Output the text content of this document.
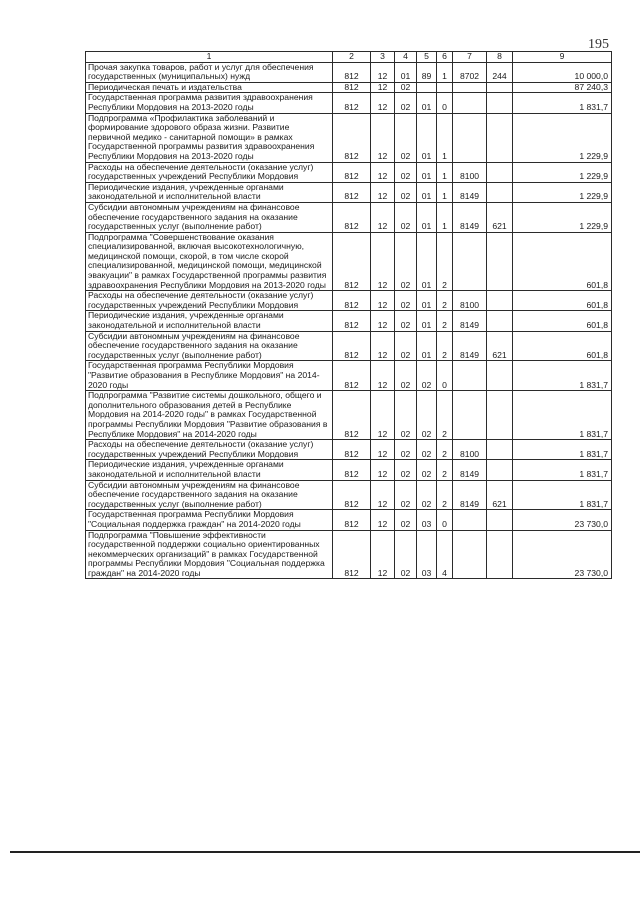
195
1	2	3	4	5	6	7	8	9
Прочая закупка товаров, работ и услуг для обеспечения государственных (муниципальных) нужд	812	12	01	89	1	8702	244	10 000,0
Периодическая печать и издательства	812	12	02					87 240,3
Государственная программа развития здравоохранения Республики Мордовия на 2013-2020 годы	812	12	02	01	0			1 831,7
Подпрограмма «Профилактика заболеваний и формирование здорового образа жизни. Развитие первичной медико - санитарной помощи» в рамках Государственной программы развития здравоохранения Республики Мордовия на 2013-2020 годы	812	12	02	01	1			1 229,9
Расходы на обеспечение деятельности (оказание услуг) государственных учреждений Республики Мордовия	812	12	02	01	1	8100		1 229,9
Периодические издания, учрежденные органами законодательной и исполнительной власти	812	12	02	01	1	8149		1 229,9
Субсидии автономным учреждениям на финансовое обеспечение государственного задания на оказание государственных услуг (выполнение работ)	812	12	02	01	1	8149	621	1 229,9
Подпрограмма "Совершенствование оказания специализированной, включая высокотехнологичную, медицинской помощи, скорой, в том числе скорой специализированной, медицинской помощи, медицинской эвакуации" в рамках Государственной программы развития здравоохранения Республики Мордовия на 2013-2020 годы	812	12	02	01	2			601,8
Расходы на обеспечение деятельности (оказание услуг) государственных учреждений Республики Мордовия	812	12	02	01	2	8100		601,8
Периодические издания, учрежденные органами законодательной и исполнительной власти	812	12	02	01	2	8149		601,8
Субсидии автономным учреждениям на финансовое обеспечение государственного задания на оказание государственных услуг (выполнение работ)	812	12	02	01	2	8149	621	601,8
Государственная программа Республики Мордовия "Развитие образования в Республике Мордовия" на 2014-2020 годы	812	12	02	02	0			1 831,7
Подпрограмма "Развитие системы дошкольного, общего и дополнительного образования детей в Республике Мордовия на 2014-2020 годы" в рамках Государственной программы Республики Мордовия "Развитие образования в Республике Мордовия" на 2014-2020 годы	812	12	02	02	2			1 831,7
Расходы на обеспечение деятельности (оказание услуг) государственных учреждений Республики Мордовия	812	12	02	02	2	8100		1 831,7
Периодические издания, учрежденные органами законодательной и исполнительной власти	812	12	02	02	2	8149		1 831,7
Субсидии автономным учреждениям на финансовое обеспечение государственного задания на оказание государственных услуг (выполнение работ)	812	12	02	02	2	8149	621	1 831,7
Государственная программа Республики Мордовия "Социальная поддержка граждан" на 2014-2020 годы	812	12	02	03	0			23 730,0
Подпрограмма "Повышение эффективности государственной поддержки социально ориентированных некоммерческих организаций" в рамках Государственной программы Республики Мордовия "Социальная поддержка граждан" на 2014-2020 годы	812	12	02	03	4			23 730,0
